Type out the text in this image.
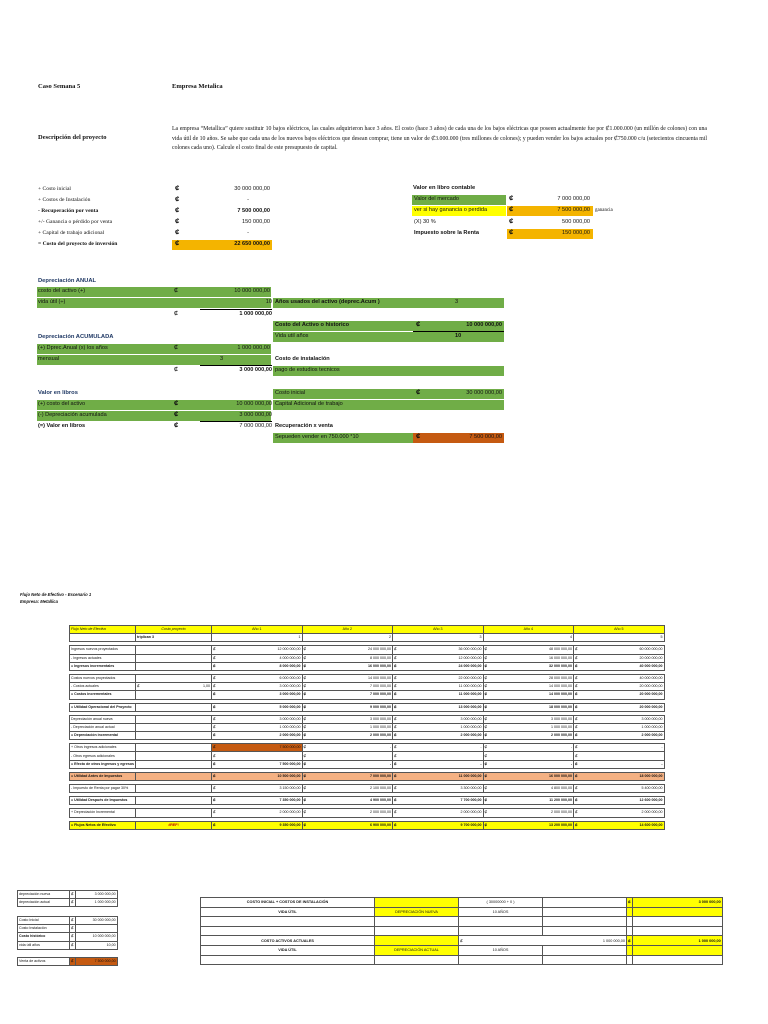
Caso Semana 5	Empresa Metalica
Descripción del proyecto
La empresa “Metallica” quiere sustituir 10 bajos eléctricos, las cuales adquirieron hace 3 años. El costo (hace 3 años) de cada una de los bajos eléctricas que poseen actualmente fue por ₡1.000.000 (un millón de colones) con una vida útil de 10 años. Se sabe que cada una de los nuevos bajos eléctricos que desean comprar, tiene un valor de ₡3.000.000 (tres millones de colones); y pueden vender los bajos actuales por ₡750.000 c/u (setecientos cincuenta mil colones cada uno). Calcule el costo final de este presupuesto de capital.
+ Costo inicial	₡	30 000 000,00
+ Costos de Instalación	₡	-
- Recuperación por venta	₡	7 500 000,00
+/- Ganancia o pérdido por venta	₡	150 000,00
+ Capital de trabajo adicional	₡	-
= Costo del proyecto de inversión	₡	22 650 000,00
Valor en libro contable
Valor del mercado	₡	7 000 000,00
ver si hay ganancia o perdida	₡	7 500 000,00 ganancia
(X) 30 %	₡	500 000,00
Impuesto sobre la Renta	₡	150 000,00
Depreciación ANUAL
costo del activo (+)	₡	10 000 000,00
vida útil (÷)	10 Años usados del activo (deprec.Acum )	3
₡	1 000 000,00
Costo del Activo o historico	₡	10 000 000,00
Vida util años	10
Depreciación ACUMULADA
(+) Dprec.Anual (x) los años	₡	1 000 000,00
mensual	3	Costo de instalación
₡	3 000 000,00 pago de estudios tecnicos
Valor en libros
(+) costo del activo	₡	10 000 000,00
(-) Depreciación acumulada	₡	3 000 000,00
(=) Valor en libros	₡	7 000 000,00
Costo inicial	₡	30 000 000,00
Capital Adicional de trabajo
Recuperación x venta
Sepueden vender en 750.000 *10	₡	7 500 000,00
Flujo Neto de Efectivo - Escenario 1
Empresa: Metallica
Flujo Neto de Efectivo	Costo proyecto	Año 1		Año 2		Año 3		Año 4		Año 5	
	triplican 3	1		2		3		4		5	

Ingresos nuevos proyectados		₡	12 000 000,00	₡	24 000 000,00	₡	36 000 000,00	₡	48 000 000,00	₡	60 000 000,00
- Ingresos actuales		₡	4 000 000,00	₡	8 000 000,00	₡	12 000 000,00	₡	16 000 000,00	₡	20 000 000,00
= Ingresos incrementales		₡	8 000 000,00	₡	16 000 000,00	₡	24 000 000,00	₡	32 000 000,00	₡	40 000 000,00

Costos nuevos proyectados		₡	6 000 000,00	₡	14 000 000,00	₡	22 000 000,00	₡	28 000 000,00	₡	40 000 000,00
- Costos actuales	₡ 1,00	₡	3 000 000,00	₡	7 000 000,00	₡	11 000 000,00	₡	14 000 000,00	₡	20 000 000,00
= Costos incrementales		₡	3 000 000,00	₡	7 000 000,00	₡	11 000 000,00	₡	14 000 000,00	₡	20 000 000,00

= Utilidad Operacional del Proyecto		₡	5 000 000,00	₡	9 000 000,00	₡	13 000 000,00	₡	18 000 000,00	₡	20 000 000,00

Depreciación anual nueva		₡	3 000 000,00	₡	3 000 000,00	₡	3 000 000,00	₡	3 000 000,00	₡	3 000 000,00
- Depreciación anual actual		₡	1 000 000,00	₡	1 000 000,00	₡	1 000 000,00	₡	1 000 000,00	₡	1 000 000,00
= Depreciación incremental		₡	2 000 000,00	₡	2 000 000,00	₡	2 000 000,00	₡	2 000 000,00	₡	2 000 000,00

+ Otros ingresos adicionales		₡	7 500 000,00	₡	-	₡	-	₡	-	₡	-
- Otros egresos adicionales		₡		₡		₡		₡		₡	
= Efecto de otros ingresos y egresos		₡	7 500 000,00	₡	-	₡	-	₡	-	₡	-

= Utilidad Antes de Impuestos		₡	10 500 000,00	₡	7 000 000,00	₡	11 000 000,00	₡	16 000 000,00	₡	18 000 000,00

- Impuesto de Renta por pagar 30%		₡	3 150 000,00	₡	2 100 000,00	₡	3 300 000,00	₡	4 800 000,00	₡	5 400 000,00

= Utilidad Después de Impuestos		₡	7 350 000,00	₡	4 900 000,00	₡	7 700 000,00	₡	11 200 000,00	₡	12 600 000,00

+ Depreciación Incremental		₡	2 000 000,00	₡	2 000 000,00	₡	2 000 000,00	₡	2 000 000,00	₡	2 000 000,00

= Flujos Netos de Efectivo	#REF!	₡	9 350 000,00	₡	6 900 000,00	₡	9 700 000,00	₡	13 200 000,00	₡	14 600 000,00
depreciación nueva	₡	3 000 000,00
depreciación actual	₡	1 000 000,00
Costo Inicial	₡	30 000 000,00
Costo Instalación	₡	
Costo histórico	₡	10 000 000,00
vida útil años	₡	10,00
Venta de activos	₡	7 500 000,00
COSTO INICIAL + COSTOS DE INSTALACIÓN		( 30000000 + 0 )		₡	3 000 000,00
VIDA ÚTIL	DEPRECIACIÓN NUEVA	10 AÑOS			

COSTO ACTIVOS ACTUALES		₡ 1 000 000,00		₡	1 000 000,00
VIDA ÚTIL	DEPRECIACIÓN ACTUAL	10 AÑOS			
